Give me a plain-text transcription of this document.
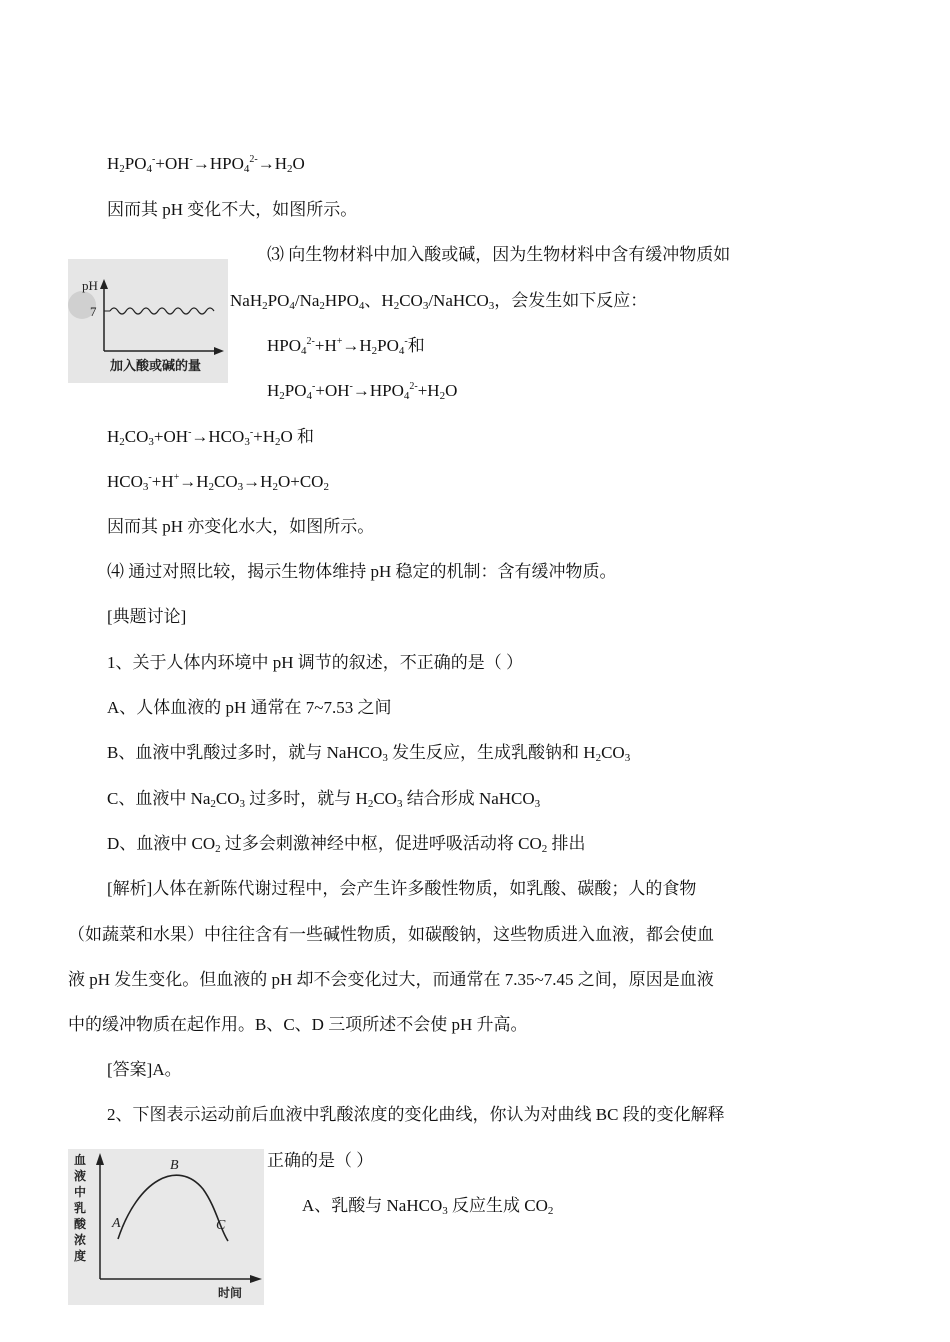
$H_2PO_4^-+OH^-\to HPO_4^{2-}\to H_2O$
因而其 pH 变化不大，如图所示。
⑶ 向生物材料中加入酸或碱，因为生物材料中含有缓冲物质如
$NaH_2PO_4/Na_2HPO_4$、$H_2CO_3/NaHCO_3$，会发生如下反应：
$HPO_4^{2-}+H^+\to H_2PO_4^-$和
$H_2PO_4^-+OH^-\to HPO_4^{2-}+H_2O$
$H_2CO_3+OH^-\to HCO_3^-+H_2O$ 和
$HCO_3^-+H^+\to H_2CO_3\to H_2O+CO_2$
因而其 pH 亦变化水大，如图所示。
⑷ 通过对照比较，揭示生物体维持 pH 稳定的机制：含有缓冲物质。
[典题讨论]
1、关于人体内环境中 pH 调节的叙述，不正确的是（ ）
A、人体血液的 pH 通常在 7~7.53 之间
B、血液中乳酸过多时，就与 NaHCO$_3$ 发生反应，生成乳酸钠和 $H_2CO_3$
C、血液中 $Na_2CO_3$ 过多时，就与 $H_2CO_3$ 结合形成 NaHCO$_3$
D、血液中 $CO_2$ 过多会刺激神经中枢，促进呼吸活动将 $CO_2$ 排出
[解析]人体在新陈代谢过程中，会产生许多酸性物质，如乳酸、碳酸；人的食物
（如蔬菜和水果）中往往含有一些碱性物质，如碳酸钠，这些物质进入血液，都会使血
液 pH 发生变化。但血液的 pH 却不会变化过大，而通常在 7.35~7.45 之间，原因是血液
中的缓冲物质在起作用。B、C、D 三项所述不会使 pH 升高。
[答案]A。
2、下图表示运动前后血液中乳酸浓度的变化曲线，你认为对曲线 BC 段的变化解释
正确的是（ ）
A、乳酸与 NaHCO$_3$ 反应生成 $CO_2$
pH
7
加入酸或碱的量
血
液
中
乳
酸
浓
度
A
B
C
时间
